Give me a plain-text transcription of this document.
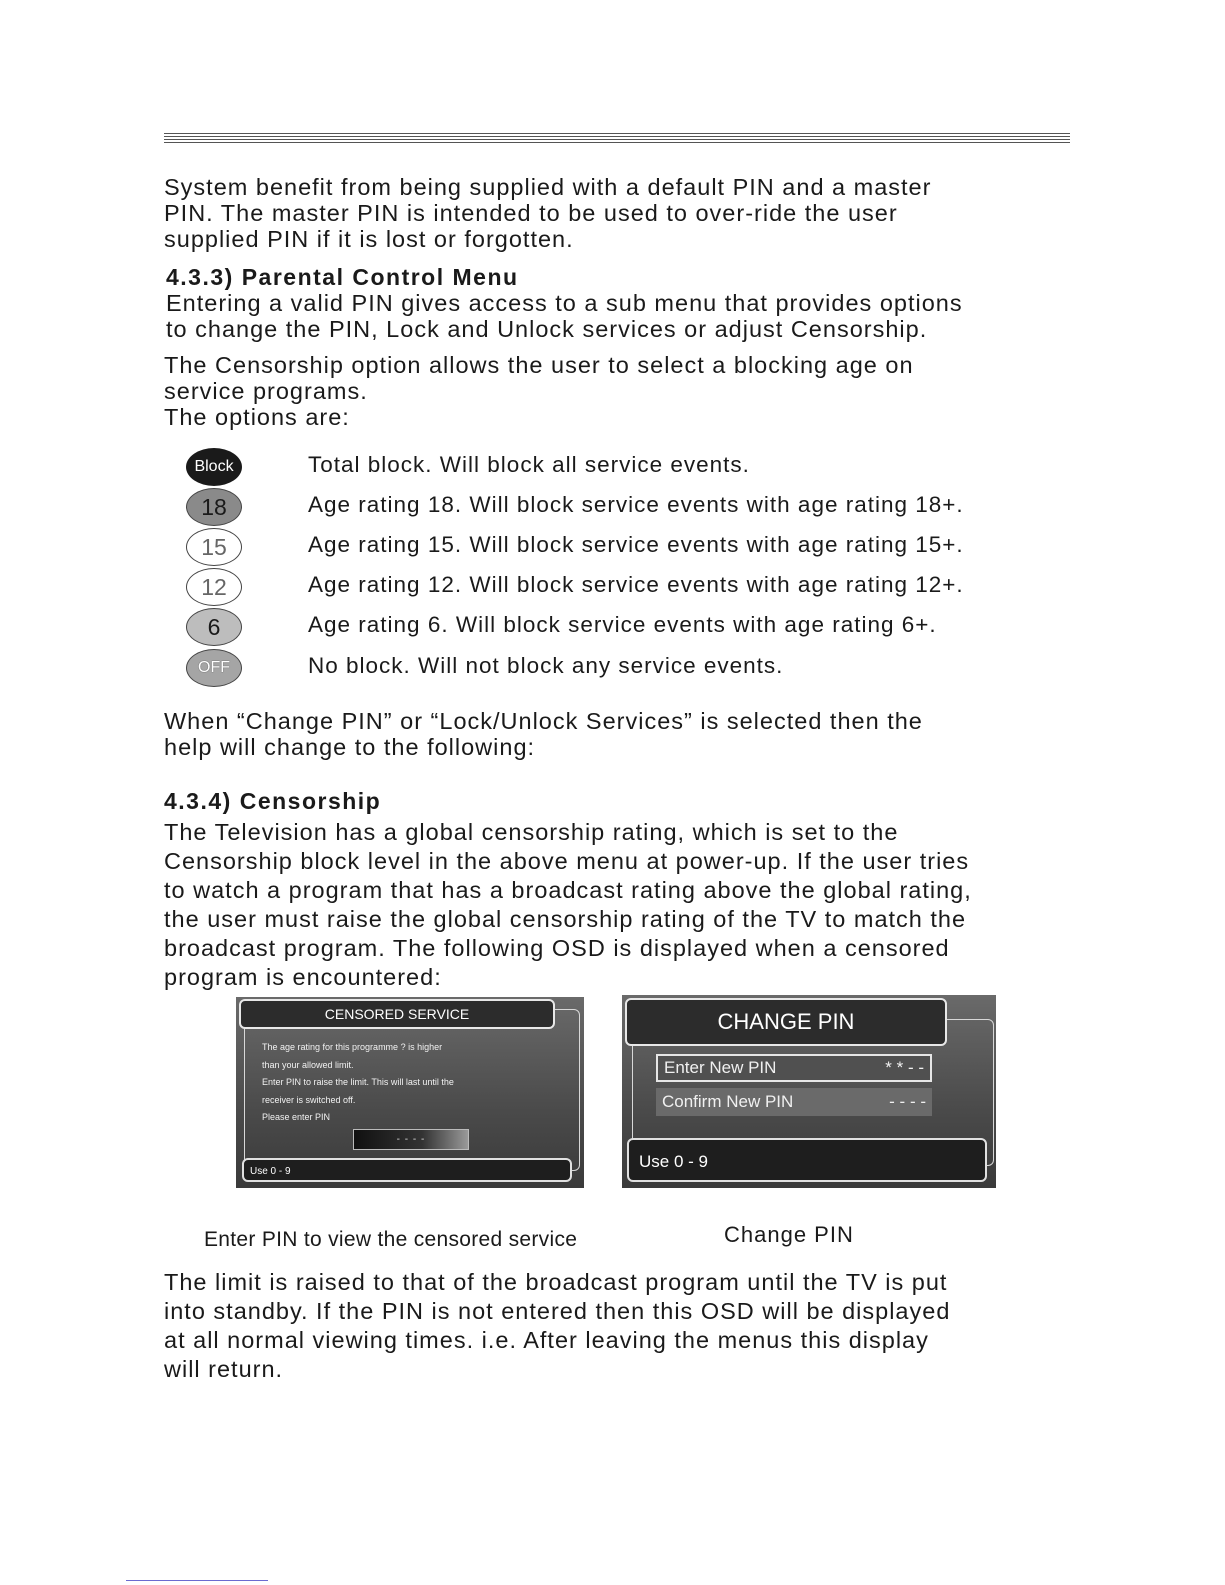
System benefit from being supplied with a default PIN and a master
PIN. The master PIN is intended to be used to over-ride the user
supplied PIN if it is lost or forgotten.

4.3.3) Parental Control Menu

Entering a valid PIN gives access to a sub menu that provides options
to change the PIN, Lock and Unlock services or adjust Censorship.

The Censorship option allows the user to select a blocking age on
service programs.
The options are:

Block	Total block. Will block all service events.
18	Age rating 18. Will block service events with age rating 18+.
15	Age rating 15. Will block service events with age rating 15+.
12	Age rating 12. Will block service events with age rating 12+.
6	Age rating 6. Will block service events with age rating 6+.
OFF	No block. Will not block any service events.

When “Change PIN” or “Lock/Unlock Services” is selected then the
help will change to the following:

4.3.4) Censorship

The Television has a global censorship rating, which is set to the
Censorship block level in the above menu at power-up. If the user tries
to watch a program that has a broadcast rating above the global rating,
the user must raise the global censorship rating of the TV to match the
broadcast program. The following OSD is displayed when a censored
program is encountered:

CENSORED SERVICE
The age rating for this programme ? is higher
than your allowed limit.
Enter PIN to raise the limit. This will last until the
receiver is switched off.
Please enter PIN
- - - -
Use 0 - 9
CHANGE PIN
Enter New PIN	* * - -
Confirm New PIN	- - - -
Use 0 - 9
Enter PIN to view the censored service	Change PIN

The limit is raised to that of the broadcast program until the TV is put
into standby. If the PIN is not entered then this OSD will be displayed
at all normal viewing times. i.e. After leaving the menus this display
will return.
